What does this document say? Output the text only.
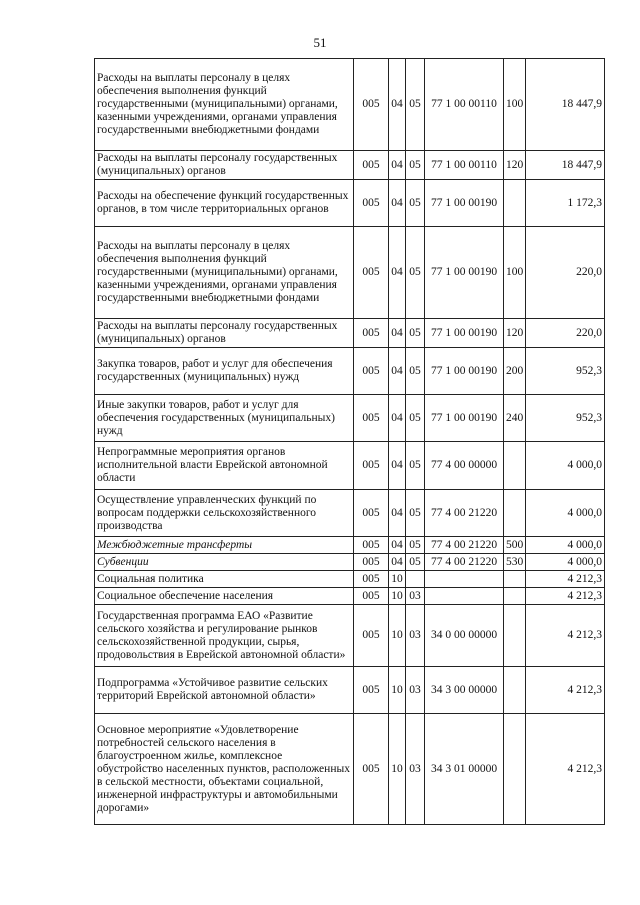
51
Расходы на выплаты персоналу в целях обеспечения выполнения функций государственными (муниципальными) органами, казенными учреждениями, органами управления государственными внебюджетными фондами	005	04	05	77 1 00 00110	100	18 447,9
Расходы на выплаты персоналу государственных (муниципальных) органов	005	04	05	77 1 00 00110	120	18 447,9
Расходы на обеспечение функций государственных органов, в том числе территориальных органов	005	04	05	77 1 00 00190		1 172,3
Расходы на выплаты персоналу в целях обеспечения выполнения функций государственными (муниципальными) органами, казенными учреждениями, органами управления государственными внебюджетными фондами	005	04	05	77 1 00 00190	100	220,0
Расходы на выплаты персоналу государственных (муниципальных) органов	005	04	05	77 1 00 00190	120	220,0
Закупка товаров, работ и услуг для обеспечения государственных (муниципальных) нужд	005	04	05	77 1 00 00190	200	952,3
Иные закупки товаров, работ и услуг для обеспечения государственных (муниципальных) нужд	005	04	05	77 1 00 00190	240	952,3
Непрограммные мероприятия органов исполнительной власти Еврейской автономной области	005	04	05	77 4 00 00000		4 000,0
Осуществление управленческих функций по вопросам поддержки сельскохозяйственного производства	005	04	05	77 4 00 21220		4 000,0
Межбюджетные трансферты	005	04	05	77 4 00 21220	500	4 000,0
Субвенции	005	04	05	77 4 00 21220	530	4 000,0
Социальная политика	005	10				4 212,3
Социальное обеспечение населения	005	10	03			4 212,3
Государственная программа ЕАО «Развитие сельского хозяйства и регулирование рынков сельскохозяйственной продукции, сырья, продовольствия в Еврейской автономной области»	005	10	03	34 0 00 00000		4 212,3
Подпрограмма «Устойчивое развитие сельских территорий Еврейской автономной области»	005	10	03	34 3 00 00000		4 212,3
Основное мероприятие «Удовлетворение потребностей сельского населения в благоустроенном жилье, комплексное обустройство населенных пунктов, расположенных в сельской местности, объектами социальной, инженерной инфраструктуры и автомобильными дорогами»	005	10	03	34 3 01 00000		4 212,3
